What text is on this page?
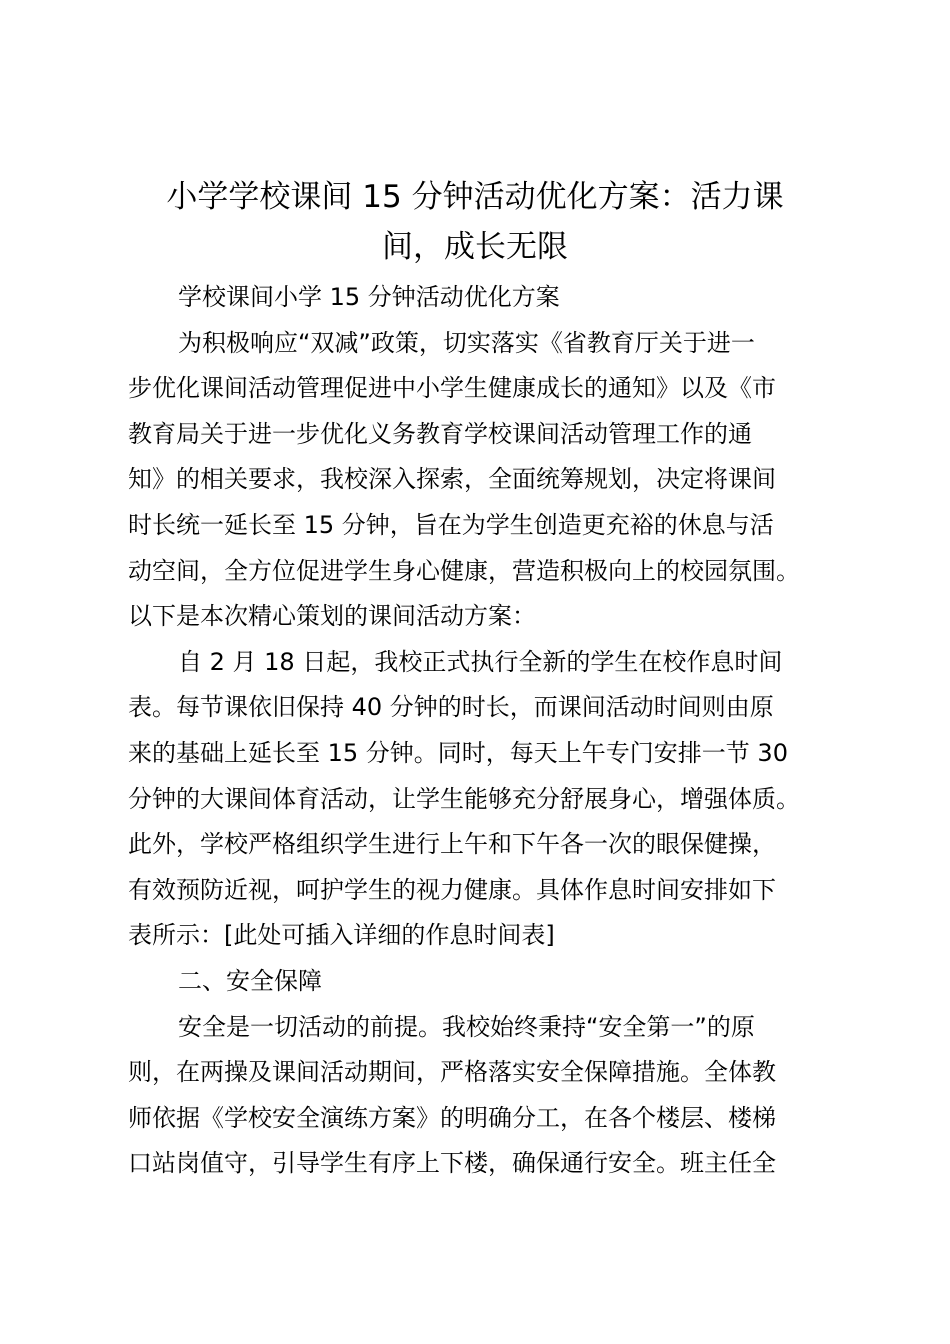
小学学校课间 15 分钟活动优化方案：活力课
间，成长无限

学校课间小学 15 分钟活动优化方案

为积极响应“双减”政策，切实落实《省教育厅关于进一
步优化课间活动管理促进中小学生健康成长的通知》以及《市
教育局关于进一步优化义务教育学校课间活动管理工作的通
知》的相关要求，我校深入探索，全面统筹规划，决定将课间
时长统一延长至 15 分钟，旨在为学生创造更充裕的休息与活
动空间，全方位促进学生身心健康，营造积极向上的校园氛围。
以下是本次精心策划的课间活动方案：

自 2 月 18 日起，我校正式执行全新的学生在校作息时间
表。每节课依旧保持 40 分钟的时长，而课间活动时间则由原
来的基础上延长至 15 分钟。同时，每天上午专门安排一节 30
分钟的大课间体育活动，让学生能够充分舒展身心，增强体质。
此外，学校严格组织学生进行上午和下午各一次的眼保健操，
有效预防近视，呵护学生的视力健康。具体作息时间安排如下
表所示：[此处可插入详细的作息时间表]

二、安全保障

安全是一切活动的前提。我校始终秉持“安全第一”的原
则，在两操及课间活动期间，严格落实安全保障措施。全体教
师依据《学校安全演练方案》的明确分工，在各个楼层、楼梯
口站岗值守，引导学生有序上下楼，确保通行安全。班主任全
